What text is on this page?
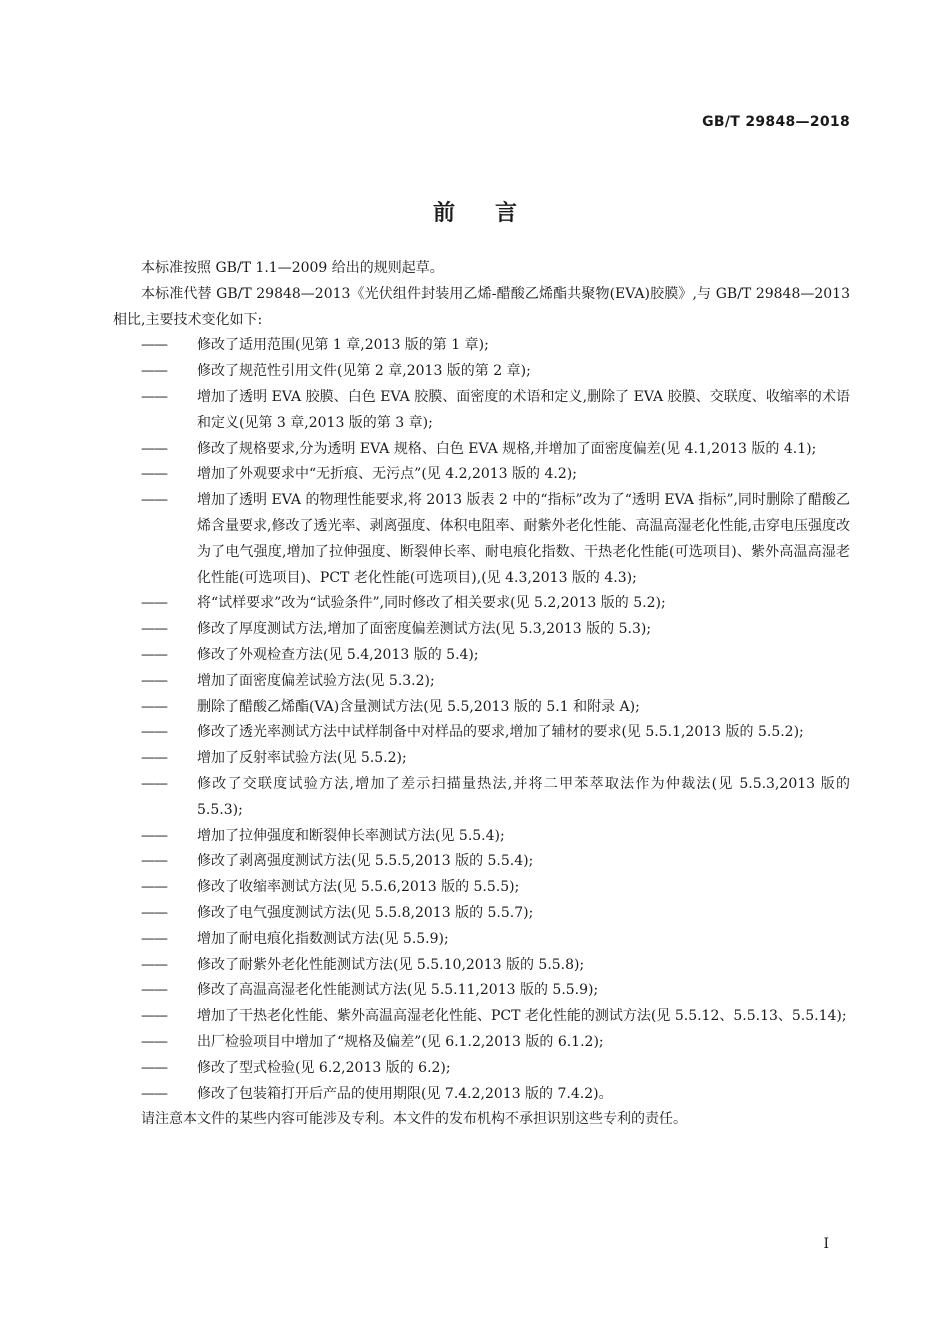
GB/T 29848—2018
前言

本标准按照 GB/T 1.1—2009 给出的规则起草。

本标准代替 GB/T 29848—2013《光伏组件封装用乙烯-醋酸乙烯酯共聚物(EVA)胶膜》,与 GB/T 29848—2013 相比,主要技术变化如下:

——	修改了适用范围(见第 1 章,2013 版的第 1 章);
——	修改了规范性引用文件(见第 2 章,2013 版的第 2 章);
——	增加了透明 EVA 胶膜、白色 EVA 胶膜、面密度的术语和定义,删除了 EVA 胶膜、交联度、收缩率的术语和定义(见第 3 章,2013 版的第 3 章);
——	修改了规格要求,分为透明 EVA 规格、白色 EVA 规格,并增加了面密度偏差(见 4.1,2013 版的 4.1);
——	增加了外观要求中“无折痕、无污点”(见 4.2,2013 版的 4.2);
——	增加了透明 EVA 的物理性能要求,将 2013 版表 2 中的“指标”改为了“透明 EVA 指标”,同时删除了醋酸乙烯含量要求,修改了透光率、剥离强度、体积电阻率、耐紫外老化性能、高温高湿老化性能,击穿电压强度改为了电气强度,增加了拉伸强度、断裂伸长率、耐电痕化指数、干热老化性能(可选项目)、紫外高温高湿老化性能(可选项目)、PCT 老化性能(可选项目),(见 4.3,2013 版的 4.3);
——	将“试样要求”改为“试验条件”,同时修改了相关要求(见 5.2,2013 版的 5.2);
——	修改了厚度测试方法,增加了面密度偏差测试方法(见 5.3,2013 版的 5.3);
——	修改了外观检查方法(见 5.4,2013 版的 5.4);
——	增加了面密度偏差试验方法(见 5.3.2);
——	删除了醋酸乙烯酯(VA)含量测试方法(见 5.5,2013 版的 5.1 和附录 A);
——	修改了透光率测试方法中试样制备中对样品的要求,增加了辅材的要求(见 5.5.1,2013 版的 5.5.2);
——	增加了反射率试验方法(见 5.5.2);
——	修改了交联度试验方法,增加了差示扫描量热法,并将二甲苯萃取法作为仲裁法(见 5.5.3,2013 版的 5.5.3);
——	增加了拉伸强度和断裂伸长率测试方法(见 5.5.4);
——	修改了剥离强度测试方法(见 5.5.5,2013 版的 5.5.4);
——	修改了收缩率测试方法(见 5.5.6,2013 版的 5.5.5);
——	修改了电气强度测试方法(见 5.5.8,2013 版的 5.5.7);
——	增加了耐电痕化指数测试方法(见 5.5.9);
——	修改了耐紫外老化性能测试方法(见 5.5.10,2013 版的 5.5.8);
——	修改了高温高湿老化性能测试方法(见 5.5.11,2013 版的 5.5.9);
——	增加了干热老化性能、紫外高温高湿老化性能、PCT 老化性能的测试方法(见 5.5.12、5.5.13、5.5.14);
——	出厂检验项目中增加了“规格及偏差”(见 6.1.2,2013 版的 6.1.2);
——	修改了型式检验(见 6.2,2013 版的 6.2);
——	修改了包装箱打开后产品的使用期限(见 7.4.2,2013 版的 7.4.2)。

请注意本文件的某些内容可能涉及专利。本文件的发布机构不承担识别这些专利的责任。

Ⅰ
